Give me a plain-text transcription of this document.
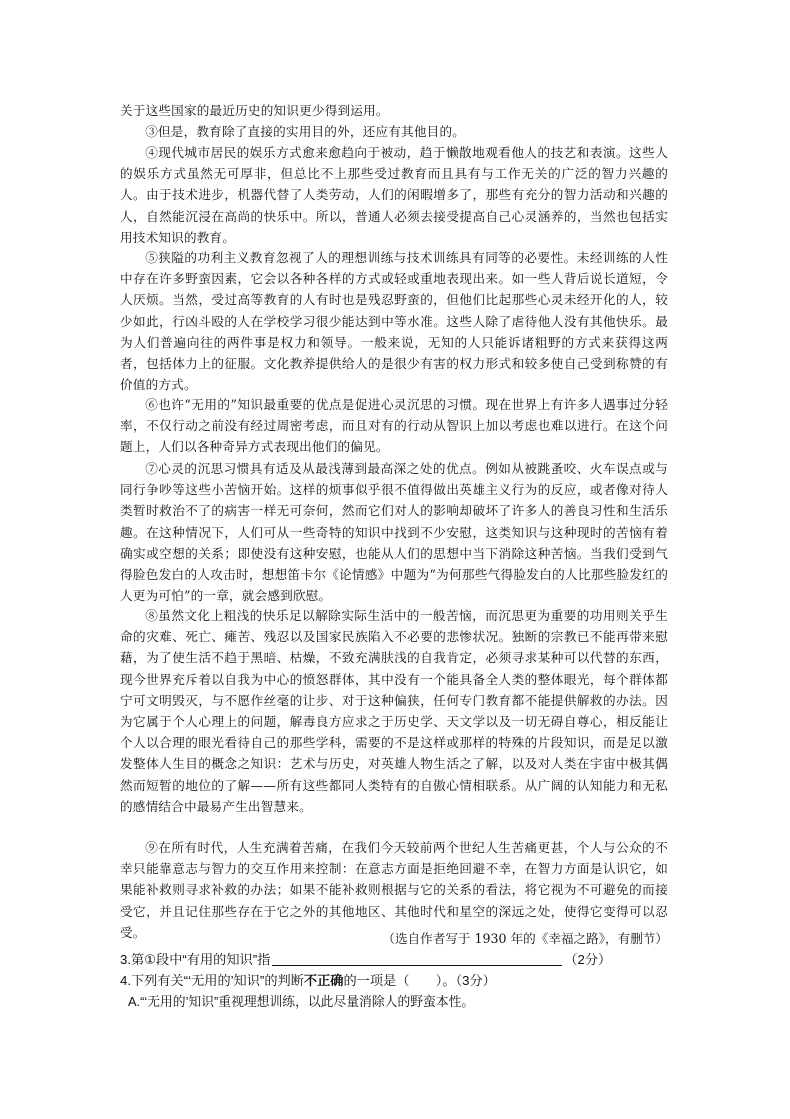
关于这些国家的最近历史的知识更少得到运用。
③但是，教育除了直接的实用目的外，还应有其他目的。
④现代城市居民的娱乐方式愈来愈趋向于被动，趋于懒散地观看他人的技艺和表演。这些人的娱乐方式虽然无可厚非，但总比不上那些受过教育而且具有与工作无关的广泛的智力兴趣的人。由于技术进步，机器代替了人类劳动，人们的闲暇增多了，那些有充分的智力活动和兴趣的人，自然能沉浸在高尚的快乐中。所以，普通人必须去接受提高自己心灵涵养的，当然也包括实用技术知识的教育。
⑤狭隘的功利主义教育忽视了人的理想训练与技术训练具有同等的必要性。未经训练的人性中存在许多野蛮因素，它会以各种各样的方式或轻或重地表现出来。如一些人背后说长道短，令人厌烦。当然，受过高等教育的人有时也是残忍野蛮的，但他们比起那些心灵未经开化的人，较少如此，行凶斗殴的人在学校学习很少能达到中等水准。这些人除了虐待他人没有其他快乐。最为人们普遍向往的两件事是权力和领导。一般来说，无知的人只能诉诸粗野的方式来获得这两者，包括体力上的征服。文化教养提供给人的是很少有害的权力形式和较多使自己受到称赞的有价值的方式。
⑥也许“无用的”知识最重要的优点是促进心灵沉思的习惯。现在世界上有许多人遇事过分轻率，不仅行动之前没有经过周密考虑，而且对有的行动从智识上加以考虑也难以进行。在这个问题上，人们以各种奇异方式表现出他们的偏见。
⑦心灵的沉思习惯具有适及从最浅薄到最高深之处的优点。例如从被跳蚤咬、火车误点或与同行争吵等这些小苦恼开始。这样的烦事似乎很不值得做出英雄主义行为的反应，或者像对待人类暂时救治不了的病害一样无可奈何，然而它们对人的影响却破坏了许多人的善良习性和生活乐趣。在这种情况下，人们可从一些奇特的知识中找到不少安慰，这类知识与这种现时的苦恼有着确实或空想的关系；即使没有这种安慰，也能从人们的思想中当下消除这种苦恼。当我们受到气得脸色发白的人攻击时，想想笛卡尔《论情感》中题为“为何那些气得脸发白的人比那些脸发红的人更为可怕”的一章，就会感到欣慰。
⑧虽然文化上粗浅的快乐足以解除实际生活中的一般苦恼，而沉思更为重要的功用则关乎生命的灾难、死亡、瘫苦、残忍以及国家民族陷入不必要的悲惨状况。独断的宗教已不能再带来慰藉，为了使生活不趋于黑暗、枯燥，不致充满肤浅的自我肯定，必须寻求某种可以代替的东西，现今世界充斥着以自我为中心的愤怒群体，其中没有一个能具备全人类的整体眼光，每个群体都宁可文明毁灭，与不愿作丝毫的让步、对于这种偏狭，任何专门教育都不能提供解救的办法。因为它属于个人心理上的问题，解毒良方应求之于历史学、天文学以及一切无碍自尊心，相反能让个人以合理的眼光看待自己的那些学科，需要的不是这样或那样的特殊的片段知识，而是足以激发整体人生目的概念之知识：艺术与历史，对英雄人物生活之了解，以及对人类在宇宙中极其偶然而短暂的地位的了解——所有这些都同人类特有的自傲心情相联系。从广阔的认知能力和无私的感情结合中最易产生出智慧来。
⑨在所有时代，人生充满着苦痛，在我们今天较前两个世纪人生苦痛更甚，个人与公众的不幸只能靠意志与智力的交互作用来控制：在意志方面是拒绝回避不幸，在智力方面是认识它，如果能补救则寻求补救的办法；如果不能补救则根据与它的关系的看法，将它视为不可避免的而接受它，并且记住那些存在于它之外的其他地区、其他时代和星空的深远之处，使得它变得可以忍受。	（选自作者写于 1930 年的《幸福之路》，有删节）
3.第①段中“有用的知识”指	（2分）
4.下列有关“‘无用的’知识”的判断不正确的一项是（　　）。（3分）
A.“‘无用的’知识”重视理想训练，以此尽量消除人的野蛮本性。
